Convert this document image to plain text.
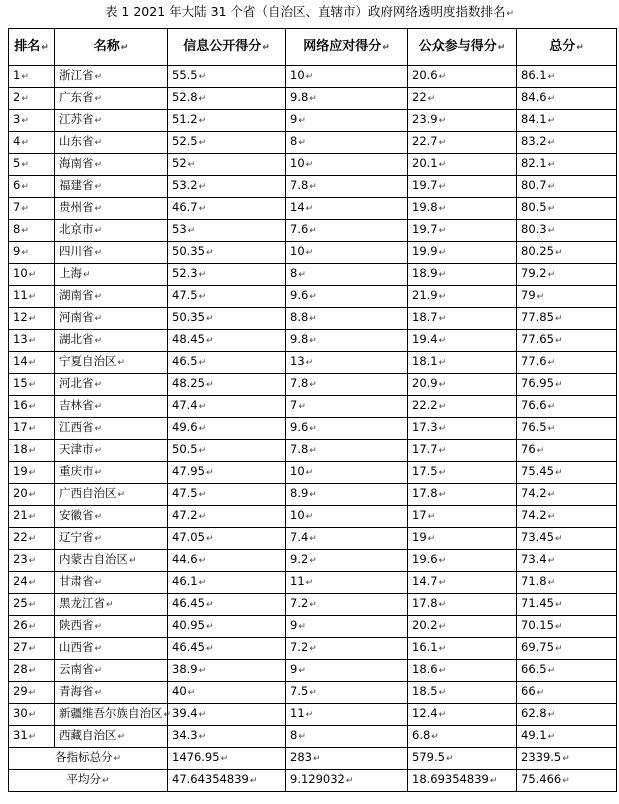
表 1 2021 年大陆 31 个省（自治区、直辖市）政府网络透明度指数排名↵
排名↵	名称↵	信息公开得分↵	网络应对得分↵	公众参与得分↵	总分↵
1↵	浙江省↵	55.5↵	10↵	20.6↵	86.1↵
2↵	广东省↵	52.8↵	9.8↵	22↵	84.6↵
3↵	江苏省↵	51.2↵	9↵	23.9↵	84.1↵
4↵	山东省↵	52.5↵	8↵	22.7↵	83.2↵
5↵	海南省↵	52↵	10↵	20.1↵	82.1↵
6↵	福建省↵	53.2↵	7.8↵	19.7↵	80.7↵
7↵	贵州省↵	46.7↵	14↵	19.8↵	80.5↵
8↵	北京市↵	53↵	7.6↵	19.7↵	80.3↵
9↵	四川省↵	50.35↵	10↵	19.9↵	80.25↵
10↵	上海↵	52.3↵	8↵	18.9↵	79.2↵
11↵	湖南省↵	47.5↵	9.6↵	21.9↵	79↵
12↵	河南省↵	50.35↵	8.8↵	18.7↵	77.85↵
13↵	湖北省↵	48.45↵	9.8↵	19.4↵	77.65↵
14↵	宁夏自治区↵	46.5↵	13↵	18.1↵	77.6↵
15↵	河北省↵	48.25↵	7.8↵	20.9↵	76.95↵
16↵	吉林省↵	47.4↵	7↵	22.2↵	76.6↵
17↵	江西省↵	49.6↵	9.6↵	17.3↵	76.5↵
18↵	天津市↵	50.5↵	7.8↵	17.7↵	76↵
19↵	重庆市↵	47.95↵	10↵	17.5↵	75.45↵
20↵	广西自治区↵	47.5↵	8.9↵	17.8↵	74.2↵
21↵	安徽省↵	47.2↵	10↵	17↵	74.2↵
22↵	辽宁省↵	47.05↵	7.4↵	19↵	73.45↵
23↵	内蒙古自治区↵	44.6↵	9.2↵	19.6↵	73.4↵
24↵	甘肃省↵	46.1↵	11↵	14.7↵	71.8↵
25↵	黑龙江省↵	46.45↵	7.2↵	17.8↵	71.45↵
26↵	陕西省↵	40.95↵	9↵	20.2↵	70.15↵
27↵	山西省↵	46.45↵	7.2↵	16.1↵	69.75↵
28↵	云南省↵	38.9↵	9↵	18.6↵	66.5↵
29↵	青海省↵	40↵	7.5↵	18.5↵	66↵
30↵	新疆维吾尔族自治区↵	39.4↵	11↵	12.4↵	62.8↵
31↵	西藏自治区↵	34.3↵	8↵	6.8↵	49.1↵
各指标总分↵		1476.95↵	283↵	579.5↵	2339.5↵
平均分↵		47.64354839↵	9.129032↵	18.69354839↵	75.466↵
